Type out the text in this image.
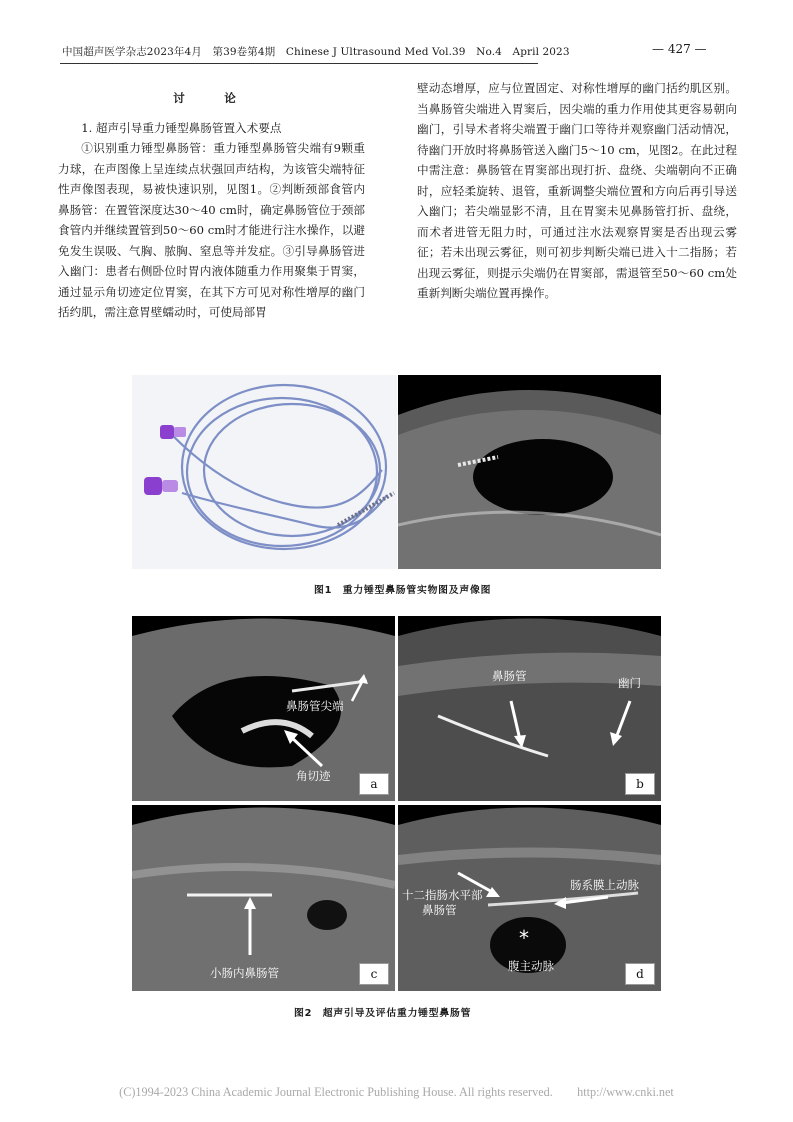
中国超声医学杂志2023年4月　第39卷第4期　Chinese J Ultrasound Med Vol.39　No.4　April 2023	— 427 —

讨　论

1. 超声引导重力锤型鼻肠管置入术要点

①识别重力锤型鼻肠管：重力锤型鼻肠管尖端有9颗重力球，在声图像上呈连续点状强回声结构，为该管尖端特征性声像图表现，易被快速识别，见图1。②判断颈部食管内鼻肠管：在置管深度达30～40 cm时，确定鼻肠管位于颈部食管内并继续置管到50～60 cm时才能进行注水操作，以避免发生误吸、气胸、脓胸、窒息等并发症。③引导鼻肠管进入幽门：患者右侧卧位时胃内液体随重力作用聚集于胃窦，通过显示角切迹定位胃窦，在其下方可见对称性增厚的幽门括约肌，需注意胃壁蠕动时，可使局部胃

壁动态增厚，应与位置固定、对称性增厚的幽门括约肌区别。当鼻肠管尖端进入胃窦后，因尖端的重力作用使其更容易朝向幽门，引导术者将尖端置于幽门口等待并观察幽门活动情况，待幽门开放时将鼻肠管送入幽门5～10 cm，见图2。在此过程中需注意：鼻肠管在胃窦部出现打折、盘绕、尖端朝向不正确时，应轻柔旋转、退管，重新调整尖端位置和方向后再引导送入幽门；若尖端显影不清，且在胃窦未见鼻肠管打折、盘绕，而术者进管无阻力时，可通过注水法观察胃窦是否出现云雾征；若未出现云雾征，则可初步判断尖端已进入十二指肠；若出现云雾征，则提示尖端仍在胃窦部，需退管至50～60 cm处重新判断尖端位置再操作。

图1　重力锤型鼻肠管实物图及声像图
鼻肠管尖端
角切迹
a
鼻肠管	幽门
b
小肠内鼻肠管	c
十二指肠水平部
鼻肠管
肠系膜上动脉
*
腹主动脉
d
图2　超声引导及评估重力锤型鼻肠管
(C)1994-2023 China Academic Journal Electronic Publishing House. All rights reserved.　　http://www.cnki.net
